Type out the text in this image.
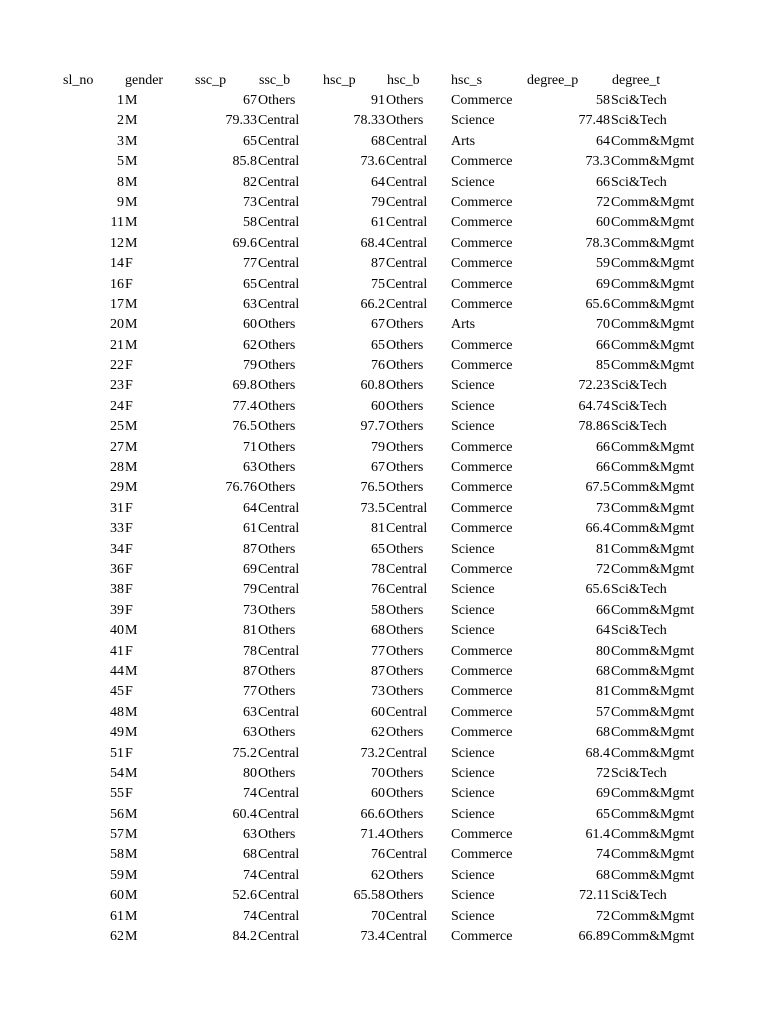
sl_no gender ssc_p ssc_b hsc_p hsc_b hsc_s	degree_p degree_t
1 M	67 Others	91 Others Commerce	58 Sci&Tech
2 M	79.33 Central	78.33 Others Science	77.48 Sci&Tech
3 M	65 Central	68 Central Arts	64 Comm&Mgmt
5 M	85.8 Central	73.6 Central Commerce	73.3 Comm&Mgmt
8 M	82 Central	64 Central Science	66 Sci&Tech
9 M	73 Central	79 Central Commerce	72 Comm&Mgmt
11 M	58 Central	61 Central Commerce	60 Comm&Mgmt
12 M	69.6 Central	68.4 Central Commerce	78.3 Comm&Mgmt
14 F	77 Central	87 Central Commerce	59 Comm&Mgmt
16 F	65 Central	75 Central Commerce	69 Comm&Mgmt
17 M	63 Central	66.2 Central Commerce	65.6 Comm&Mgmt
20 M	60 Others	67 Others Arts	70 Comm&Mgmt
21 M	62 Others	65 Others Commerce	66 Comm&Mgmt
22 F	79 Others	76 Others Commerce	85 Comm&Mgmt
23 F	69.8 Others	60.8 Others Science	72.23 Sci&Tech
24 F	77.4 Others	60 Others Science	64.74 Sci&Tech
25 M	76.5 Others	97.7 Others Science	78.86 Sci&Tech
27 M	71 Others	79 Others Commerce	66 Comm&Mgmt
28 M	63 Others	67 Others Commerce	66 Comm&Mgmt
29 M	76.76 Others	76.5 Others Commerce	67.5 Comm&Mgmt
31 F	64 Central	73.5 Central Commerce	73 Comm&Mgmt
33 F	61 Central	81 Central Commerce	66.4 Comm&Mgmt
34 F	87 Others	65 Others Science	81 Comm&Mgmt
36 F	69 Central	78 Central Commerce	72 Comm&Mgmt
38 F	79 Central	76 Central Science	65.6 Sci&Tech
39 F	73 Others	58 Others Science	66 Comm&Mgmt
40 M	81 Others	68 Others Science	64 Sci&Tech
41 F	78 Central	77 Others Commerce	80 Comm&Mgmt
44 M	87 Others	87 Others Commerce	68 Comm&Mgmt
45 F	77 Others	73 Others Commerce	81 Comm&Mgmt
48 M	63 Central	60 Central Commerce	57 Comm&Mgmt
49 M	63 Others	62 Others Commerce	68 Comm&Mgmt
51 F	75.2 Central	73.2 Central Science	68.4 Comm&Mgmt
54 M	80 Others	70 Others Science	72 Sci&Tech
55 F	74 Central	60 Others Science	69 Comm&Mgmt
56 M	60.4 Central	66.6 Others Science	65 Comm&Mgmt
57 M	63 Others	71.4 Others Commerce	61.4 Comm&Mgmt
58 M	68 Central	76 Central Commerce	74 Comm&Mgmt
59 M	74 Central	62 Others Science	68 Comm&Mgmt
60 M	52.6 Central	65.58 Others Science	72.11 Sci&Tech
61 M	74 Central	70 Central Science	72 Comm&Mgmt
62 M	84.2 Central	73.4 Central Commerce	66.89 Comm&Mgmt
